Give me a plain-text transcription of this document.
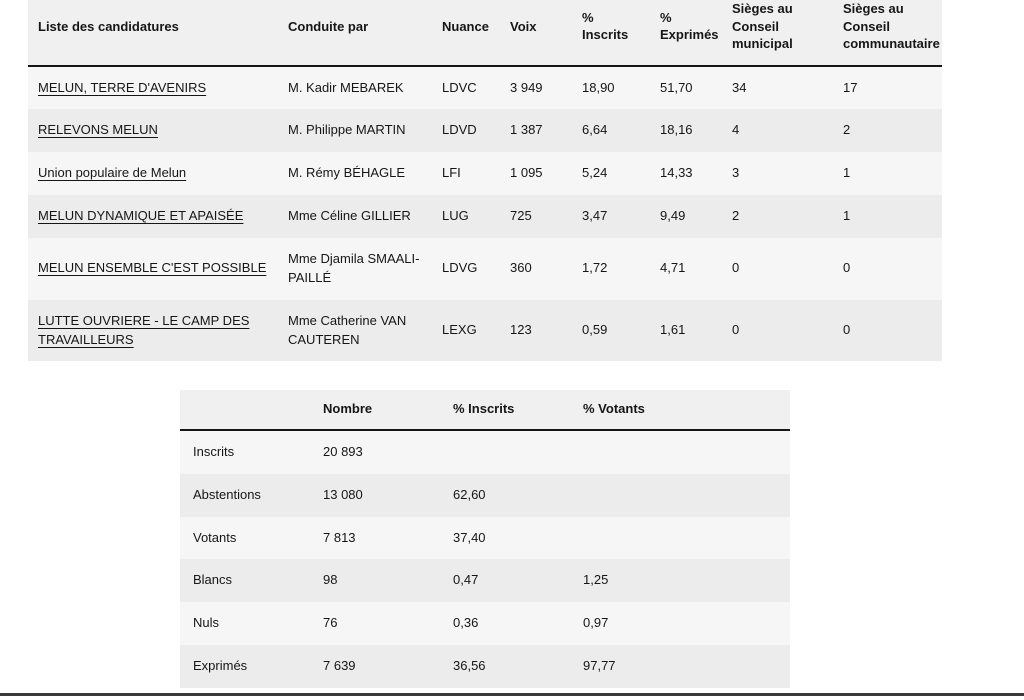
Liste des candidatures	Conduite par	Nuance	Voix	% Inscrits	% Exprimés	Sièges au Conseil municipal	Sièges au Conseil communautaire
MELUN, TERRE D'AVENIRS	M. Kadir MEBAREK	LDVC	3 949	18,90	51,70	34	17
RELEVONS MELUN	M. Philippe MARTIN	LDVD	1 387	6,64	18,16	4	2
Union populaire de Melun	M. Rémy BÉHAGLE	LFI	1 095	5,24	14,33	3	1
MELUN DYNAMIQUE ET APAISÉE	Mme Céline GILLIER	LUG	725	3,47	9,49	2	1
MELUN ENSEMBLE C'EST POSSIBLE	Mme Djamila SMAALI-PAILLÉ	LDVG	360	1,72	4,71	0	0
LUTTE OUVRIERE - LE CAMP DES TRAVAILLEURS	Mme Catherine VAN CAUTEREN	LEXG	123	0,59	1,61	0	0
	Nombre	% Inscrits	% Votants
Inscrits	20 893		
Abstentions	13 080	62,60	
Votants	7 813	37,40	
Blancs	98	0,47	1,25
Nuls	76	0,36	0,97
Exprimés	7 639	36,56	97,77
